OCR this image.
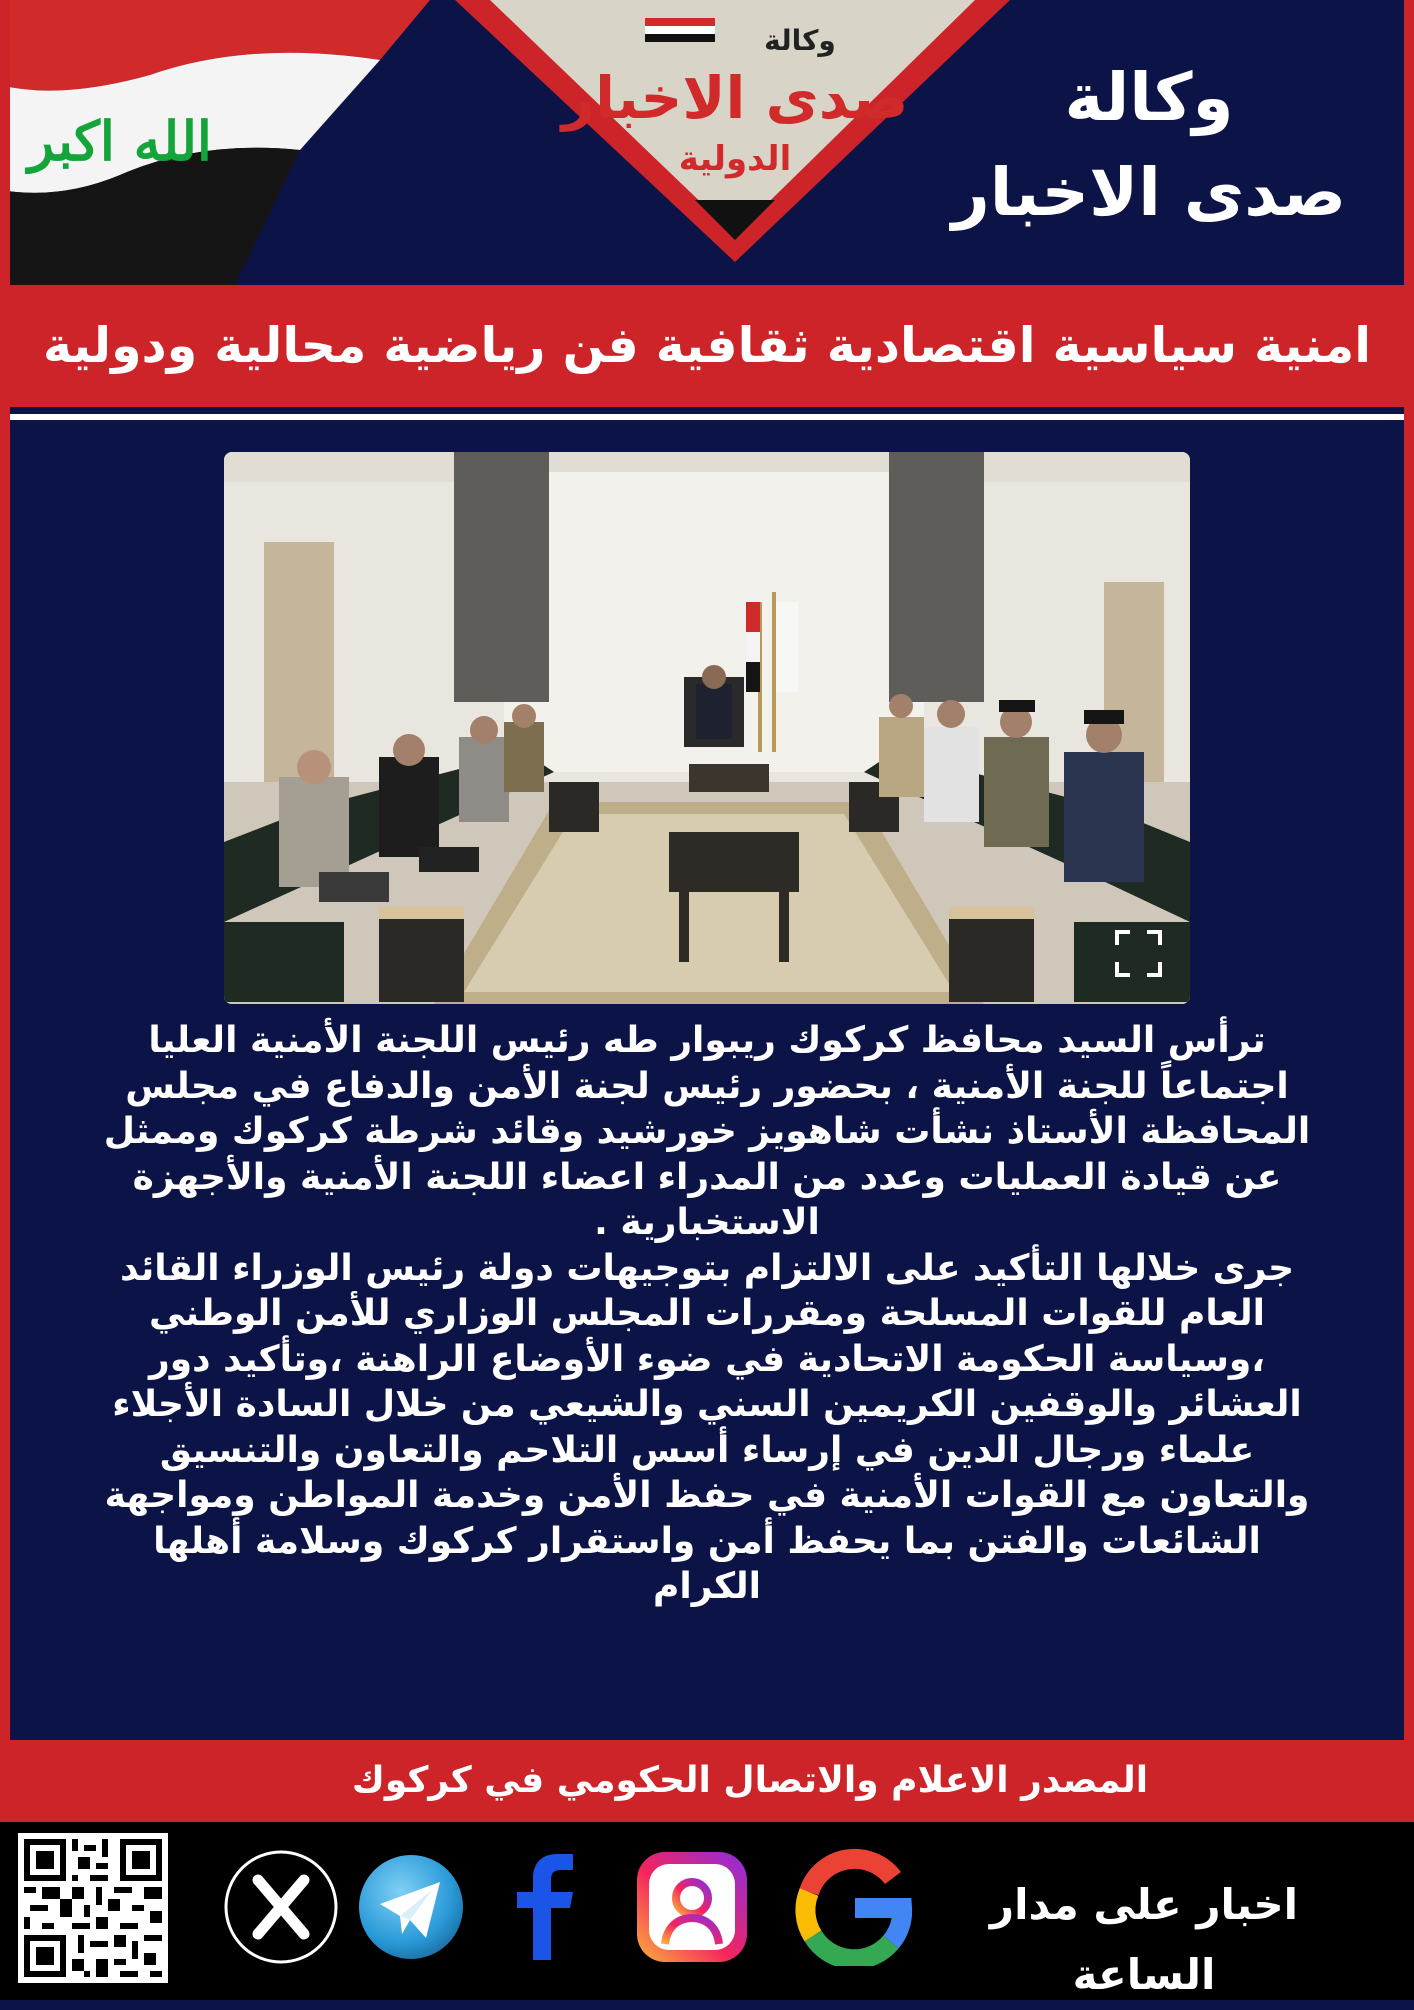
الله اكبر
وكالة
صدى الاخبار
الدولية
وكالة
صدى الاخبار
امنية سياسية اقتصادية ثقافية فن رياضية محالية ودولية

ترأس السيد محافظ كركوك ريبوار طه رئيس اللجنة الأمنية العليا اجتماعاً للجنة الأمنية ، بحضور رئيس لجنة الأمن والدفاع في مجلس المحافظة الأستاذ نشأت شاهويز خورشيد وقائد شرطة كركوك وممثل عن قيادة العمليات وعدد من المدراء اعضاء اللجنة الأمنية والأجهزة الاستخبارية .

جرى خلالها التأكيد على الالتزام بتوجيهات دولة رئيس الوزراء القائد العام للقوات المسلحة ومقررات المجلس الوزاري للأمن الوطني ،وسياسة الحكومة الاتحادية في ضوء الأوضاع الراهنة ،وتأكيد دور العشائر والوقفين الكريمين السني والشيعي من خلال السادة الأجلاء علماء ورجال الدين في إرساء أسس التلاحم والتعاون والتنسيق والتعاون مع القوات الأمنية في حفظ الأمن وخدمة المواطن ومواجهة الشائعات والفتن بما يحفظ أمن واستقرار كركوك وسلامة أهلها الكرام

المصدر الاعلام والاتصال الحكومي في كركوك
اخبار على مدار الساعة
